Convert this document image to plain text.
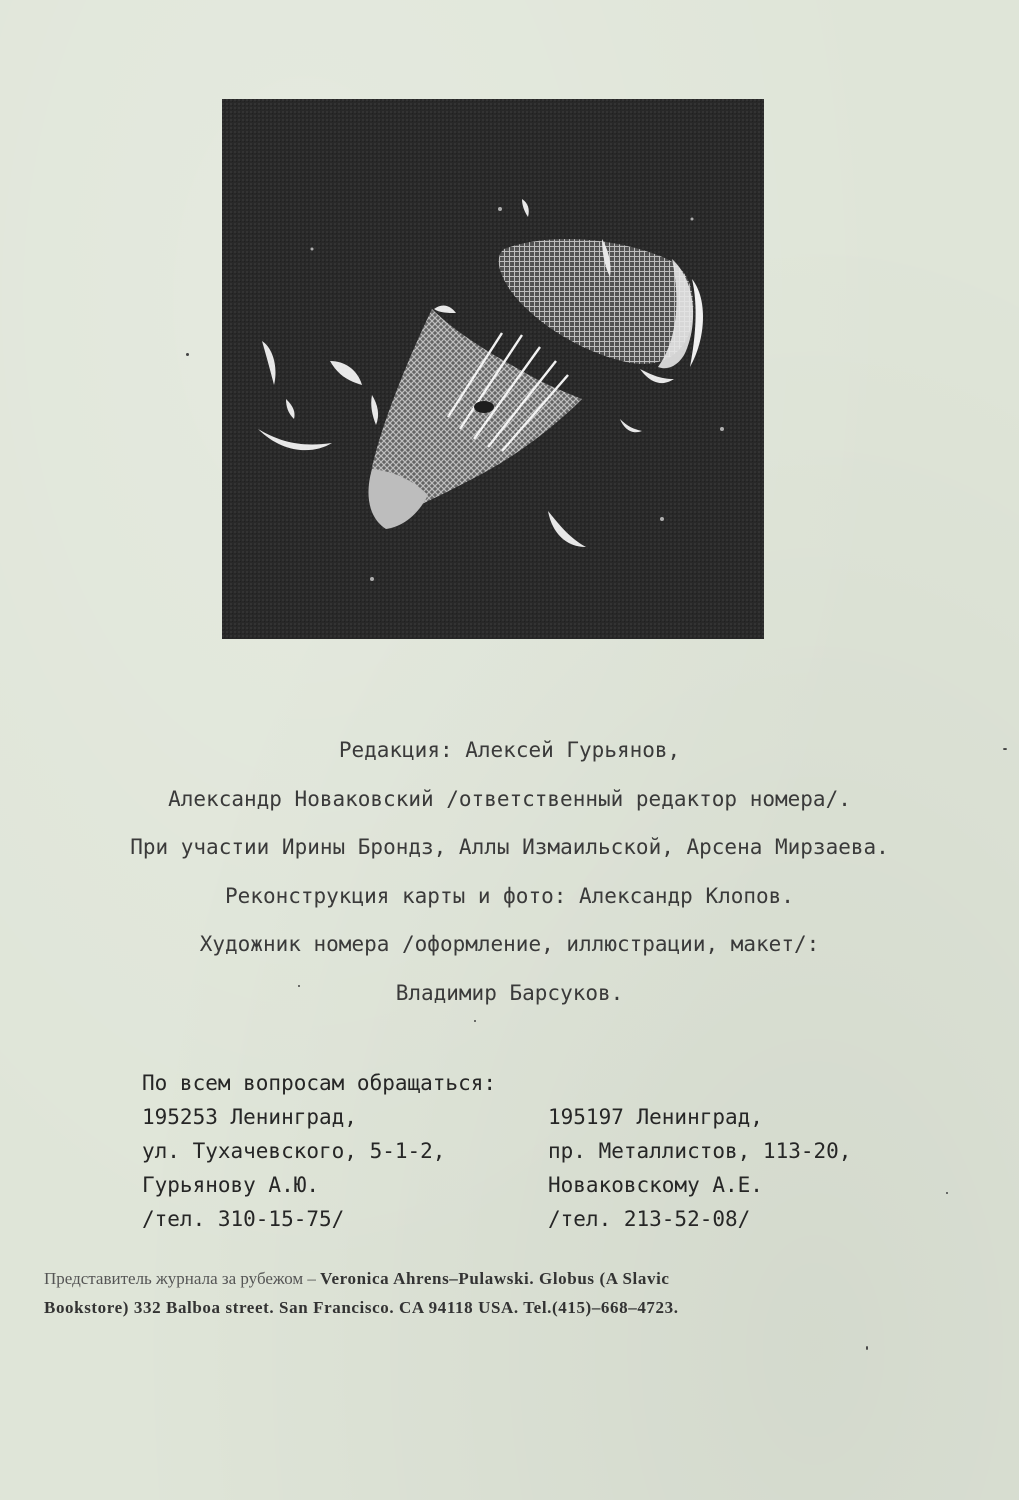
Редакция: Алексей Гурьянов,
Александр Новаковский /ответственный редактор номера/.
При участии Ирины Брондз, Аллы Измаильской, Арсена Мирзаева.
Реконструкция карты и фото: Александр Клопов.
Художник номера /оформление, иллюстрации, макет/:
Владимир Барсуков.
По всем вопросам обращаться:
195253 Ленинград,
ул. Тухачевского, 5-1-2,
Гурьянову А.Ю.
/тел. 310-15-75/
195197 Ленинград,
пр. Металлистов, 113-20,
Новаковскому А.Е.
/тел. 213-52-08/
Представитель журнала за рубежом – Veronica Ahrens–Pulawski. Globus (A Slavic
Bookstore) 332 Balboa street. San Francisco. CA 94118 USA. Tel.(415)–668–4723.
